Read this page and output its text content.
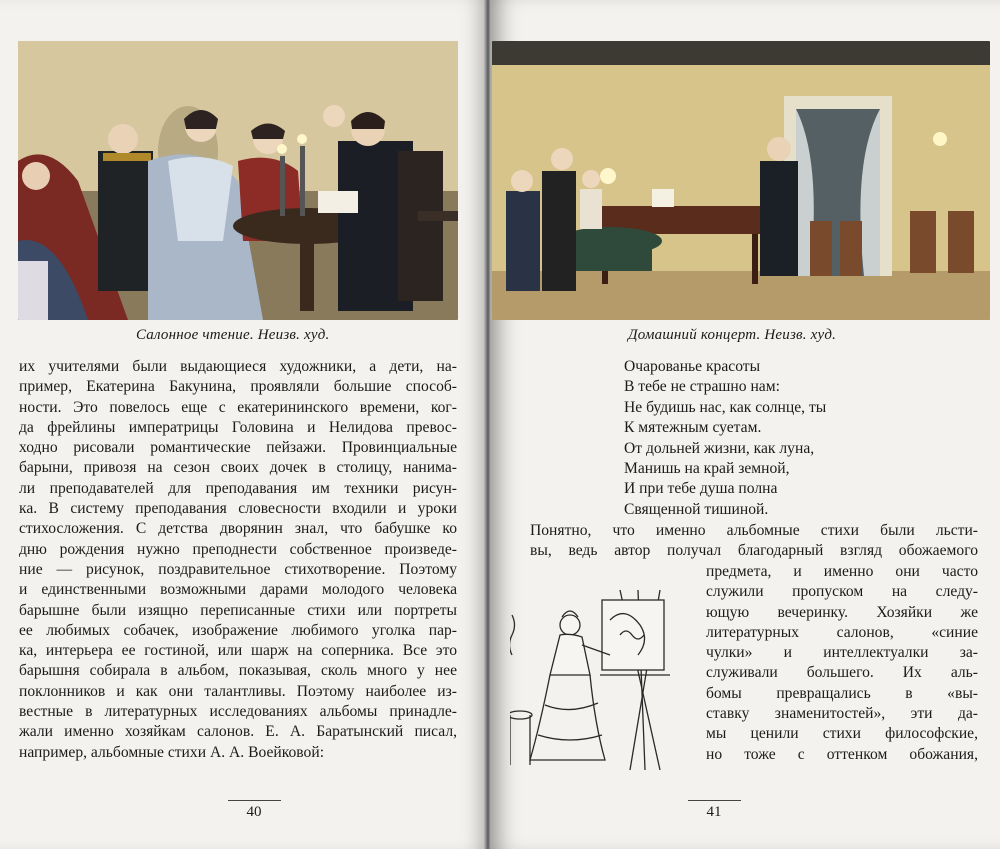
Салонное чтение. Неизв. худ.
их учителями были выдающиеся художники, а дети, на-
пример, Екатерина Бакунина, проявляли большие способ-
ности. Это повелось еще с екатерининского времени, ког-
да фрейлины императрицы Головина и Нелидова превос-
ходно рисовали романтические пейзажи. Провинциальные
барыни, привозя на сезон своих дочек в столицу, нанима-
ли преподавателей для преподавания им техники рисун-
ка. В систему преподавания словесности входили и уроки
стихосложения. С детства дворянин знал, что бабушке ко
дню рождения нужно преподнести собственное произведе-
ние — рисунок, поздравительное стихотворение. Поэтому
и единственными возможными дарами молодого человека
барышне были изящно переписанные стихи или портреты
ее любимых собачек, изображение любимого уголка пар-
ка, интерьера ее гостиной, или шарж на соперника. Все это
барышня собирала в альбом, показывая, сколь много у нее
поклонников и как они талантливы. Поэтому наиболее из-
вестные в литературных исследованиях альбомы принадле-
жали именно хозяйкам салонов. Е. А. Баратынский писал,
например, альбомные стихи А. А. Воейковой:
40
Домашний концерт. Неизв. худ.
Очарованье красоты
В тебе не страшно нам:
Не будишь нас, как солнце, ты
К мятежным суетам.
От дольней жизни, как луна,
Манишь на край земной,
И при тебе душа полна
Священной тишиной.
Понятно, что именно альбомные стихи были льсти-
вы, ведь автор получал благодарный взгляд обожаемого
предмета, и именно они часто
служили пропуском на следу-
ющую вечеринку. Хозяйки же
литературных салонов, «синие
чулки» и интеллектуалки за-
служивали большего. Их аль-
бомы превращались в «вы-
ставку знаменитостей», эти да-
мы ценили стихи философские,
но тоже с оттенком обожания,
41
